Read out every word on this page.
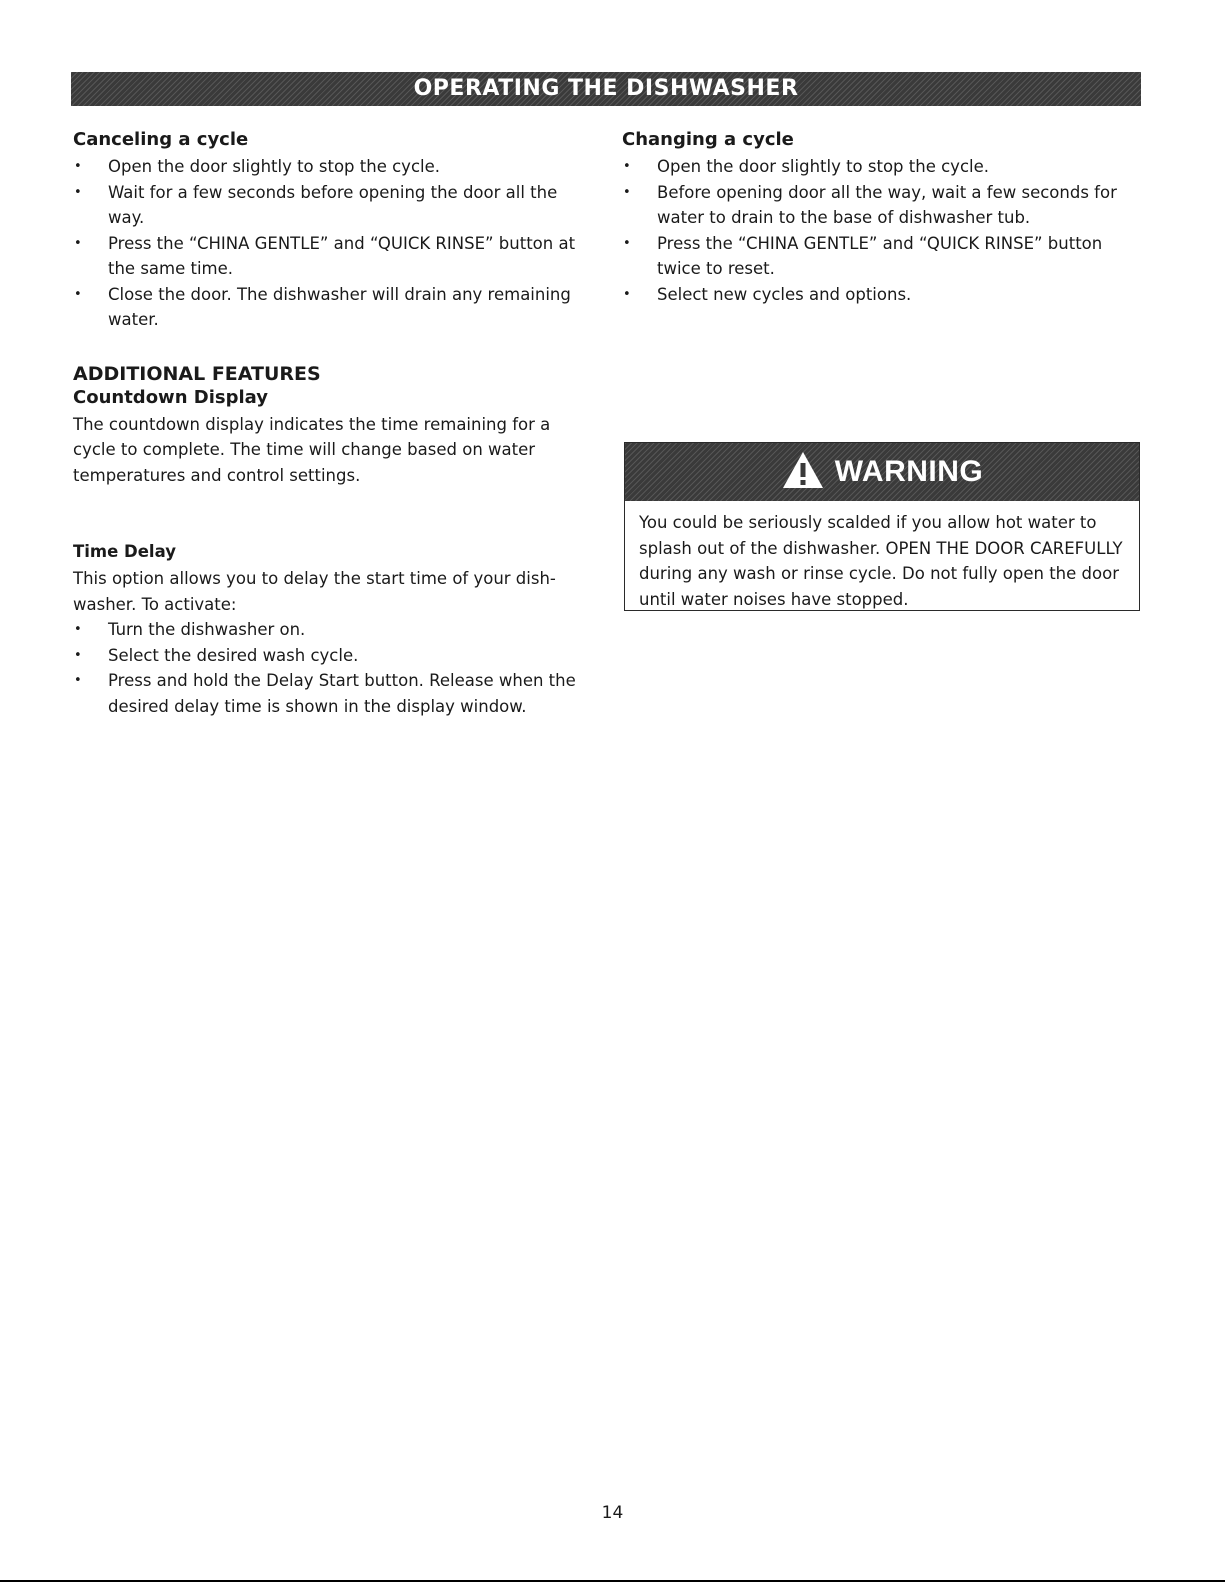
OPERATING THE DISHWASHER
Canceling a cycle
• Open the door slightly to stop the cycle.
• Wait for a few seconds before opening the door all the way.
• Press the “CHINA GENTLE” and “QUICK RINSE” button at the same time.
• Close the door. The dishwasher will drain any remaining water.
ADDITIONAL FEATURES
Countdown Display

The countdown display indicates the time remaining for a cycle to complete. The time will change based on water temperatures and control settings.

Time Delay

This option allows you to delay the start time of your dish- washer. To activate:

• Turn the dishwasher on.
• Select the desired wash cycle.
• Press and hold the Delay Start button. Release when the desired delay time is shown in the display window.
Changing a cycle
• Open the door slightly to stop the cycle.
• Before opening door all the way, wait a few seconds for water to drain to the base of dishwasher tub.
• Press the “CHINA GENTLE” and “QUICK RINSE” button twice to reset.
• Select new cycles and options.
WARNING

You could be seriously scalded if you allow hot water to splash out of the dishwasher. OPEN THE DOOR CAREFULLY during any wash or rinse cycle. Do not fully open the door until water noises have stopped.

14
